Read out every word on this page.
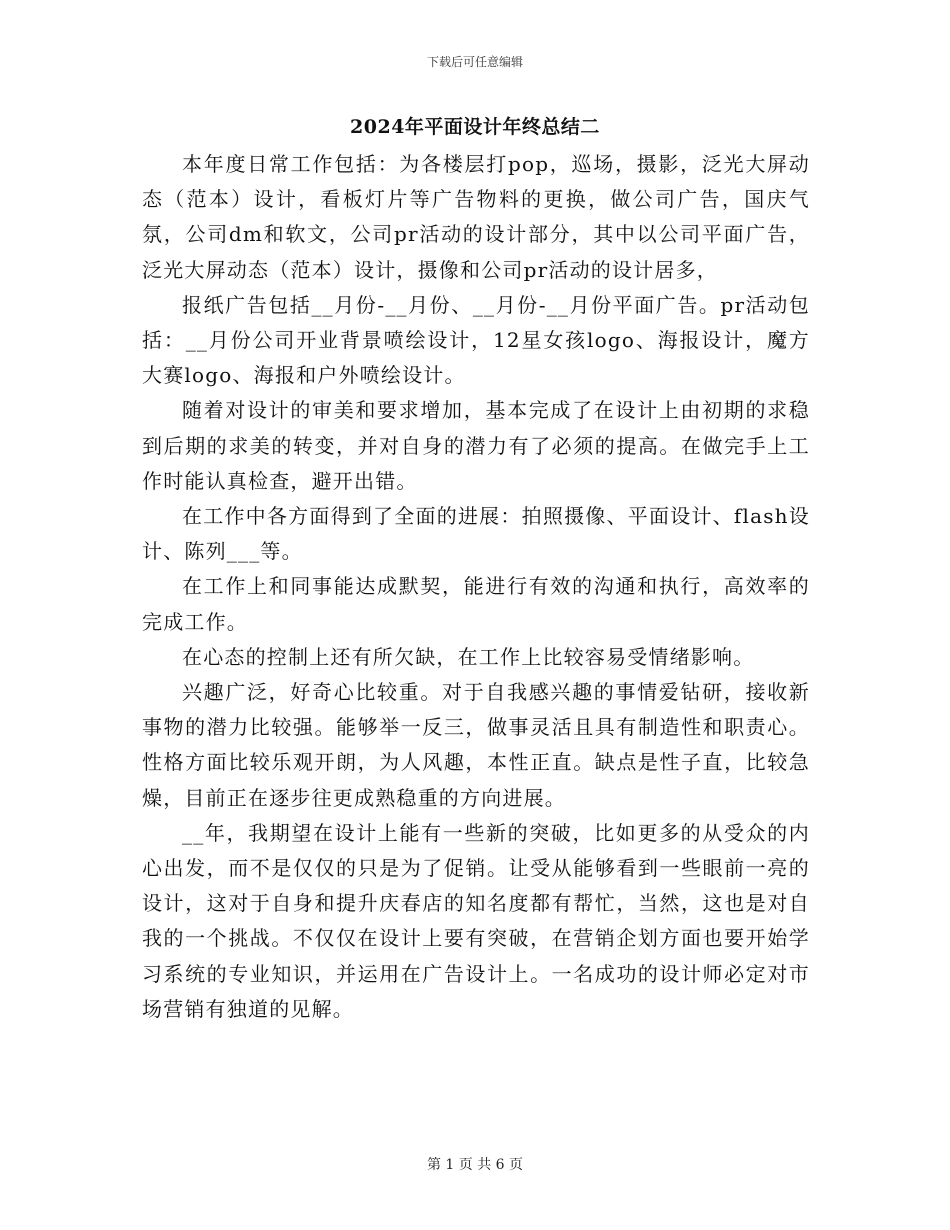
下载后可任意编辑
2024年平面设计年终总结二

本年度日常工作包括：为各楼层打pop，巡场，摄影，泛光大屏动态（范本）设计，看板灯片等广告物料的更换，做公司广告，国庆气氛，公司dm和软文，公司pr活动的设计部分，其中以公司平面广告，泛光大屏动态（范本）设计，摄像和公司pr活动的设计居多，

报纸广告包括__月份-__月份、__月份-__月份平面广告。pr活动包括：__月份公司开业背景喷绘设计，12星女孩logo、海报设计，魔方大赛logo、海报和户外喷绘设计。

随着对设计的审美和要求增加，基本完成了在设计上由初期的求稳到后期的求美的转变，并对自身的潜力有了必须的提高。在做完手上工作时能认真检查，避开出错。

在工作中各方面得到了全面的进展：拍照摄像、平面设计、flash设计、陈列___等。

在工作上和同事能达成默契，能进行有效的沟通和执行，高效率的完成工作。

在心态的控制上还有所欠缺，在工作上比较容易受情绪影响。

兴趣广泛，好奇心比较重。对于自我感兴趣的事情爱钻研，接收新事物的潜力比较强。能够举一反三，做事灵活且具有制造性和职责心。性格方面比较乐观开朗，为人风趣，本性正直。缺点是性子直，比较急燥，目前正在逐步往更成熟稳重的方向进展。

__年，我期望在设计上能有一些新的突破，比如更多的从受众的内心出发，而不是仅仅的只是为了促销。让受从能够看到一些眼前一亮的设计，这对于自身和提升庆春店的知名度都有帮忙，当然，这也是对自我的一个挑战。不仅仅在设计上要有突破，在营销企划方面也要开始学习系统的专业知识，并运用在广告设计上。一名成功的设计师必定对市场营销有独道的见解。

第 1 页 共 6 页
